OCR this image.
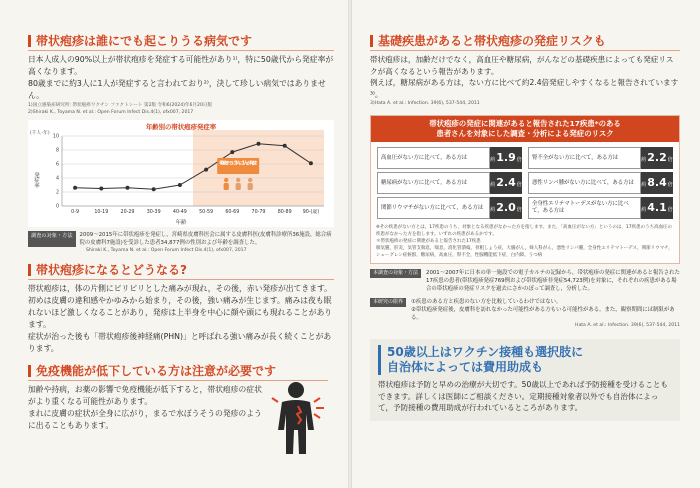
帯状疱疹は誰にでも起こりうる病気です

日本人成人の90%以上が帯状疱疹を発症する可能性があり¹⁾，特に50歳代から発症率が高くなります。

80歳までに約3人に1人が発症すると言われており²⁾，決して珍しい病気ではありません。

1)国立感染症研究所: 帯状疱疹ワクチン ファクトシート 第2版 令和6(2024)年6月20日版

2)Shiraki K., Toyama N. et al.: Open Forum Infect Dis.4(1), ofx007, 2017

年齢別の帯状疱疹発症率
(千人･年)
発症率
0
2
4
6
8
10
0-9	10-19	20-29	30-39	40-49	50-59	60-69	70-79	80-89 90-(歳)
年齢
80歳までに3人に1人が発症
調査の対象・方法	2009～2015年に帯状疱疹を発症し，宮崎県皮膚科医会に属する皮膚科医(皮膚科診療所36施設，総合病院の皮膚科7施設)を受診した患者34,877例の性別および年齢を調査した。

Shiraki K., Toyama N. et al.: Open Forum Infect Dis.4(1), ofx007, 2017

帯状疱疹になるとどうなる?

帯状疱疹は，体の片側にピリピリとした痛みが現れ，その後，赤い発疹が出てきます。

初めは皮膚の違和感やかゆみから始まり，その後，強い痛みが生じます。痛みは夜も眠れないほど激しくなることがあり，発疹は上半身を中心に顔や頭にも現れることがあります。

症状が治った後も「帯状疱疹後神経痛(PHN)」と呼ばれる強い痛みが長く続くことがあります。

免疫機能が低下している方は注意が必要です

加齢や持病，お薬の影響で免疫機能が低下すると，帯状疱疹の症状がより重くなる可能性があります。

まれに皮膚の症状が全身に広がり，まるで水ぼうそうの発疹のように出ることもあります。

基礎疾患があると帯状疱疹の発症リスクも

帯状疱疹は，加齢だけでなく，高血圧や糖尿病，がんなどの基礎疾患によっても発症リスクが高くなるという報告があります。

例えば，糖尿病がある方は，ない方に比べて約2.4倍発症しやすくなると報告されています³⁾。

3)Hata A. et al.: Infection. 39(6), 537-544, 2011

帯状疱疹の発症に関連があると報告された17疾患*のある
患者さんを対象にした調査・分析による発症のリスク
高血圧がない方に比べて，ある方は	約 1.9 倍	腎不全がない方に比べて，ある方は	約 2.2 倍
糖尿病がない方に比べて，ある方は	約 2.4 倍	悪性リンパ腫がない方に比べて，ある方は	約 8.4 倍
関節リウマチがない方に比べて，ある方は	約 2.0 倍
全身性エリテマトーデスがない方に比べて，ある方は	約 4.1 倍

※その疾患がない方とは，17疾患のうち，対象となる疾患がなかった方を指します。また，「高血圧がない方」というのは，17疾患のうち高血圧の疾患がなかった方を指します。いずれの疾患があるかです。
＊帯状疱疹の発症に関連があると報告された17疾患
肺気腫，肝炎，気管支喘息，喘息，消化管潰瘍，骨粗しょう症，大腸がん，婦人科がん，悪性リンパ腫，全身性エリテマトーデス，関節リウマチ，シェーグレン症候群，糖尿病，高血圧，腎不全，性腺機能低下症，白内障，うつ病

本調査の対象・方法	2001～2007年に日本の単一施設での電子カルテの記録から，帯状疱疹の発症に関連があると報告された17疾患の患者(帯状疱疹発症769例および帯状疱疹非発症54,723例)を対象に，それぞれの疾患がある場合の帯状疱疹の発症リスクを過去にさかのぼって調査し，分析した。
本研究の限界	①疾患のある方と疾患のない方を比較しているわけではない。
②帯状疱疹発症後，皮膚科を訪れなかった可能性がある方もいる可能性がある。また，観察期間には制限がある。

Hata A. et al.: Infection. 39(6), 537-544, 2011

50歳以上はワクチン接種も選択肢に
自治体によっては費用助成も

帯状疱疹は予防と早めの治療が大切です。50歳以上であれば予防接種を受けることもできます。詳しくは医師にご相談ください。定期接種対象者以外でも自治体によって，予防接種の費用助成が行われているところがあります。
